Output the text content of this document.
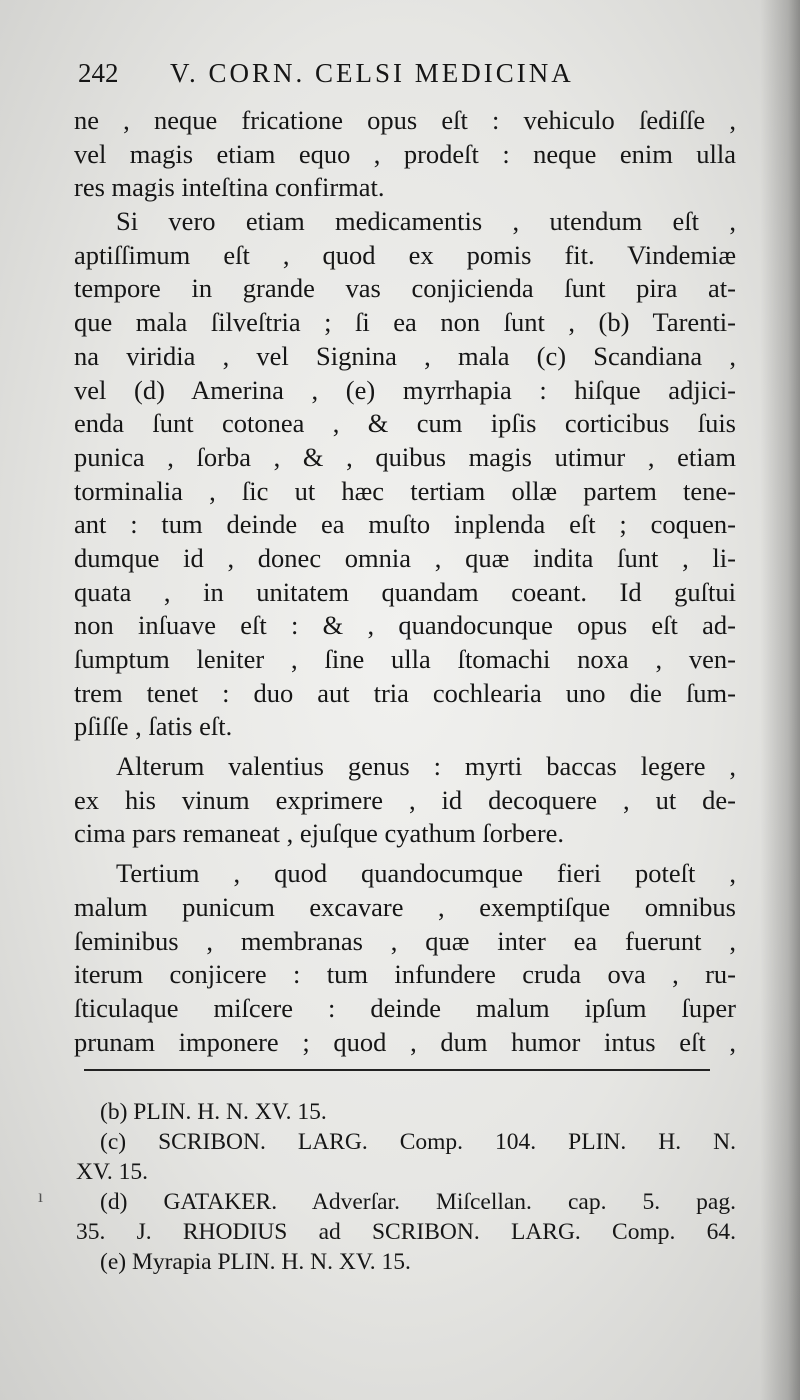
242 V. CORN. CELSI MEDICINA
ne , neque fricatione opus eſt : vehiculo ſediſſe ,
vel magis etiam equo , prodeſt : neque enim ulla
res magis inteſtina confirmat.
Si vero etiam medicamentis , utendum eſt ,
aptiſſimum eſt , quod ex pomis fit. Vindemiæ
tempore in grande vas conjicienda ſunt pira at-
que mala ſilveſtria ; ſi ea non ſunt , (b) Tarenti-
na viridia , vel Signina , mala (c) Scandiana ,
vel (d) Amerina , (e) myrrhapia : hiſque adjici-
enda ſunt cotonea , & cum ipſis corticibus ſuis
punica , ſorba , & , quibus magis utimur , etiam
torminalia , ſic ut hæc tertiam ollæ partem tene-
ant : tum deinde ea muſto inplenda eſt ; coquen-
dumque id , donec omnia , quæ indita ſunt , li-
quata , in unitatem quandam coeant. Id guſtui
non inſuave eſt : & , quandocunque opus eſt ad-
ſumptum leniter , ſine ulla ſtomachi noxa , ven-
trem tenet : duo aut tria cochlearia uno die ſum-
pſiſſe , ſatis eſt.
Alterum valentius genus : myrti baccas legere ,
ex his vinum exprimere , id decoquere , ut de-
cima pars remaneat , ejuſque cyathum ſorbere.
Tertium , quod quandocumque fieri poteſt ,
malum punicum excavare , exemptiſque omnibus
ſeminibus , membranas , quæ inter ea fuerunt ,
iterum conjicere : tum infundere cruda ova , ru-
ſticulaque miſcere : deinde malum ipſum ſuper
prunam imponere ; quod , dum humor intus eſt ,
(b) PLIN. H. N. XV. 15.
(c) SCRIBON. LARG. Comp. 104. PLIN. H. N.
XV. 15.
(d) GATAKER. Adverſar. Miſcellan. cap. 5. pag.
35. J. RHODIUS ad SCRIBON. LARG. Comp. 64.
(e) Myrapia PLIN. H. N. XV. 15.
ı
